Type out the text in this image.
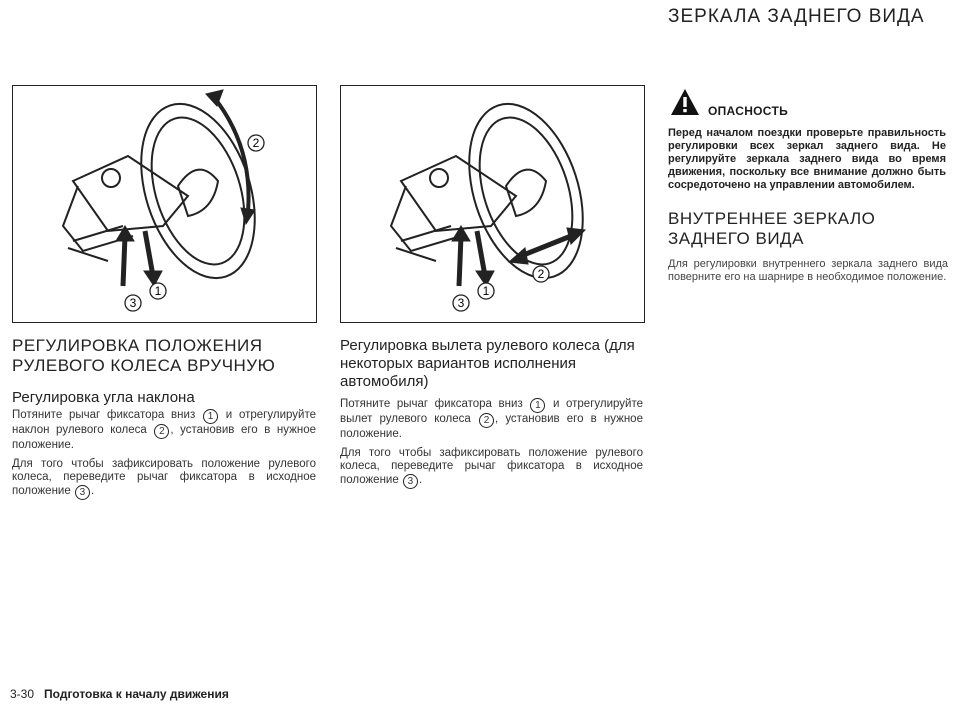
ЗЕРКАЛА ЗАДНЕГО ВИДА
2
1
3
2
1
3
РЕГУЛИРОВКА ПОЛОЖЕНИЯ РУЛЕВОГО КОЛЕСА ВРУЧНУЮ
Регулировка угла наклона

Потяните рычаг фиксатора вниз 1 и отрегулируйте наклон рулевого колеса 2 , установив его в нужное положение.

Для того чтобы зафиксировать положение рулевого колеса, переведите рычаг фиксатора в исходное положение 3 .

Регулировка вылета рулевого колеса (для некоторых вариантов исполнения автомобиля)

Потяните рычаг фиксатора вниз 1 и отрегулируйте вылет рулевого колеса 2 , установив его в нужное положение.

Для того чтобы зафиксировать положение рулевого колеса, переведите рычаг фиксатора в исходное положение 3 .

ОПАСНОСТЬ
Перед началом поездки проверьте правильность регулировки всех зеркал заднего вида. Не регулируйте зеркала заднего вида во время движения, поскольку все внимание должно быть сосредоточено на управлении автомобилем.
ВНУТРЕННЕЕ ЗЕРКАЛО ЗАДНЕГО ВИДА
Для регулировки внутреннего зеркала заднего вида поверните его на шарнире в необходимое положение.
3-30 Подготовка к началу движения
